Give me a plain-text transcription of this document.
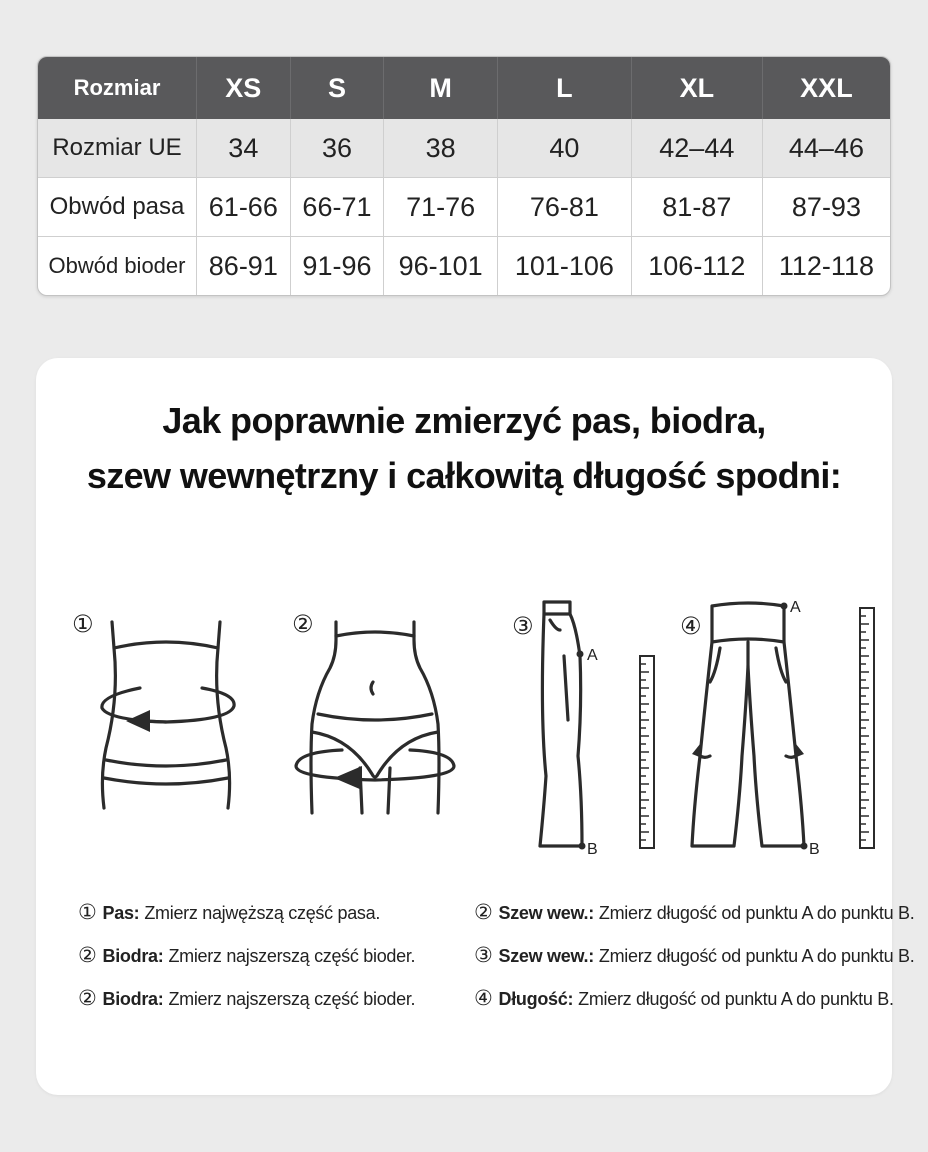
Rozmiar	XS	S	M	L	XL	XXL
Rozmiar UE	34	36	38	40	42–44	44–46
Obwód pasa	61-66	66-71	71-76	76-81	81-87	87-93
Obwód bioder	86-91	91-96	96-101	101-106	106-112	112-118
Jak poprawnie zmierzyć pas, biodra,
szew wewnętrzny i całkowitą długość spodni:
①	②	③
A
B
④
A
B
① Pas: Zmierz najwęższą część pasa.
② Biodra: Zmierz najszerszą część bioder.
② Biodra: Zmierz najszerszą część bioder.
② Szew wew.: Zmierz długość od punktu A do punktu B.
③ Szew wew.: Zmierz długość od punktu A do punktu B.
④ Długość: Zmierz długość od punktu A do punktu B.
